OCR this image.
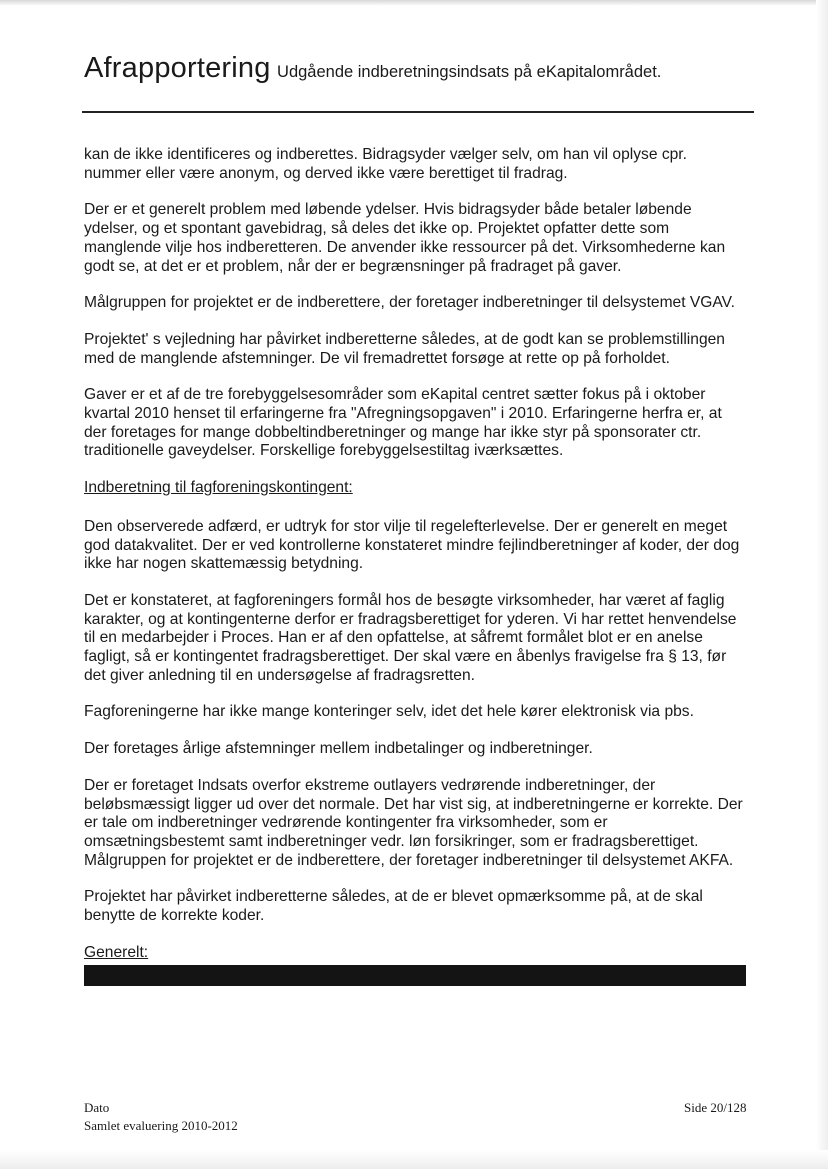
Afrapportering Udgående indberetningsindsats på eKapitalområdet.

kan de ikke identificeres og indberettes. Bidragsyder vælger selv, om han vil oplyse cpr. nummer eller være anonym, og derved ikke være berettiget til fradrag.

Der er et generelt problem med løbende ydelser. Hvis bidragsyder både betaler løbende ydelser, og et spontant gavebidrag, så deles det ikke op. Projektet opfatter dette som manglende vilje hos indberetteren. De anvender ikke ressourcer på det. Virksomhederne kan godt se, at det er et problem, når der er begrænsninger på fradraget på gaver.

Målgruppen for projektet er de indberettere, der foretager indberetninger til delsystemet VGAV.

Projektet' s vejledning har påvirket indberetterne således, at de godt kan se problemstillingen med de manglende afstemninger. De vil fremadrettet forsøge at rette op på forholdet.

Gaver er et af de tre forebyggelsesområder som eKapital centret sætter fokus på i oktober kvartal 2010 henset til erfaringerne fra "Afregningsopgaven" i 2010. Erfaringerne herfra er, at der foretages for mange dobbeltindberetninger og mange har ikke styr på sponsorater ctr. traditionelle gaveydelser. Forskellige forebyggelsestiltag iværksættes.

Indberetning til fagforeningskontingent:

Den observerede adfærd, er udtryk for stor vilje til regelefterlevelse. Der er generelt en meget god datakvalitet. Der er ved kontrollerne konstateret mindre fejlindberetninger af koder, der dog ikke har nogen skattemæssig betydning.

Det er konstateret, at fagforeningers formål hos de besøgte virksomheder, har været af faglig karakter, og at kontingenterne derfor er fradragsberettiget for yderen. Vi har rettet henvendelse til en medarbejder i Proces. Han er af den opfattelse, at såfremt formålet blot er en anelse fagligt, så er kontingentet fradragsberettiget. Der skal være en åbenlys fravigelse fra § 13, før det giver anledning til en undersøgelse af fradragsretten.

Fagforeningerne har ikke mange konteringer selv, idet det hele kører elektronisk via pbs.

Der foretages årlige afstemninger mellem indbetalinger og indberetninger.

Der er foretaget Indsats overfor ekstreme outlayers vedrørende indberetninger, der beløbsmæssigt ligger ud over det normale. Det har vist sig, at indberetningerne er korrekte. Der er tale om indberetninger vedrørende kontingenter fra virksomheder, som er omsætningsbestemt samt indberetninger vedr. løn forsikringer, som er fradragsberettiget. Målgruppen for projektet er de indberettere, der foretager indberetninger til delsystemet AKFA.

Projektet har påvirket indberetterne således, at de er blevet opmærksomme på, at de skal benytte de korrekte koder.

Generelt:

Dato
Samlet evaluering 2010-2012
Side 20/128
